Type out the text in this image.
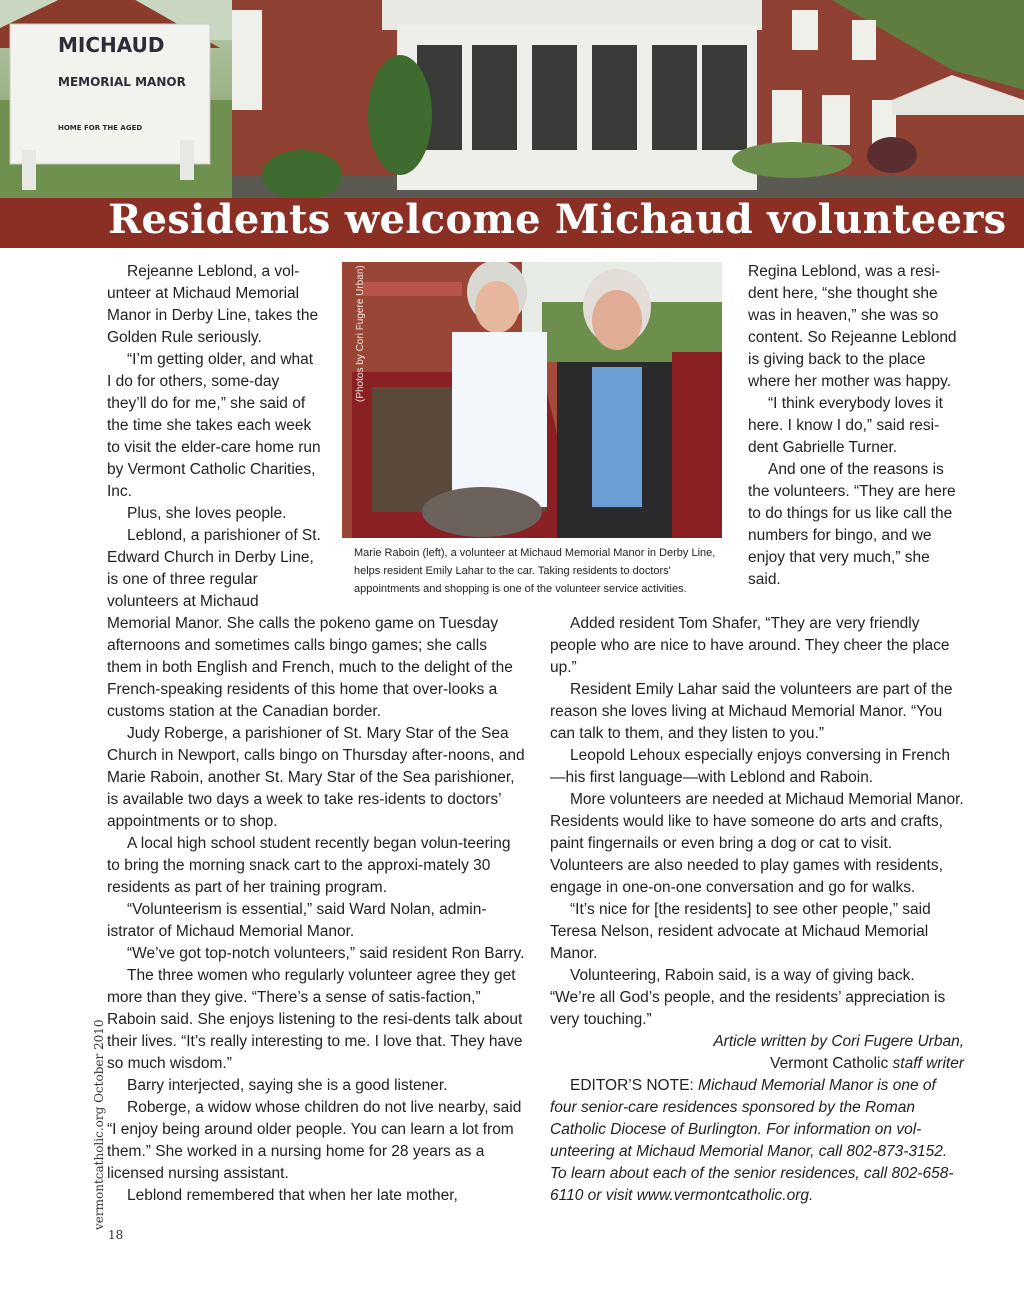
MICHAUD
MEMORIAL MANOR
HOME FOR THE AGED
Residents welcome Michaud volunteers
(Photos by Cori Fugere Urban)
Marie Raboin (left), a volunteer at Michaud Memorial Manor in Derby Line, helps resident Emily Lahar to the car. Taking residents to doctors' appointments and shopping is one of the volunteer service activities.

Rejeanne Leblond, a vol-unteer at Michaud Memorial Manor in Derby Line, takes the Golden Rule seriously.

“I’m getting older, and what I do for others, some-day they’ll do for me,” she said of the time she takes each week to visit the elder-care home run by Vermont Catholic Charities, Inc.

Plus, she loves people.

Leblond, a parishioner of St. Edward Church in Derby Line, is one of three regular volunteers at Michaud

Memorial Manor. She calls the pokeno game on Tuesday afternoons and sometimes calls bingo games; she calls them in both English and French, much to the delight of the French-speaking residents of this home that over-looks a customs station at the Canadian border.

Judy Roberge, a parishioner of St. Mary Star of the Sea Church in Newport, calls bingo on Thursday after-noons, and Marie Raboin, another St. Mary Star of the Sea parishioner, is available two days a week to take res-idents to doctors’ appointments or to shop.

A local high school student recently began volun-teering to bring the morning snack cart to the approxi-mately 30 residents as part of her training program.

“Volunteerism is essential,” said Ward Nolan, admin-istrator of Michaud Memorial Manor.

“We’ve got top-notch volunteers,” said resident Ron Barry.

The three women who regularly volunteer agree they get more than they give. “There’s a sense of satis-faction,” Raboin said. She enjoys listening to the resi-dents talk about their lives. “It’s really interesting to me. I love that. They have so much wisdom.”

Barry interjected, saying she is a good listener.

Roberge, a widow whose children do not live nearby, said “I enjoy being around older people. You can learn a lot from them.” She worked in a nursing home for 28 years as a licensed nursing assistant.

Leblond remembered that when her late mother,

Regina Leblond, was a resi-dent here, “she thought she was in heaven,” she was so content. So Rejeanne Leblond is giving back to the place where her mother was happy.

“I think everybody loves it here. I know I do,” said resi-dent Gabrielle Turner.

And one of the reasons is the volunteers. “They are here to do things for us like call the numbers for bingo, and we enjoy that very much,” she said.

Added resident Tom Shafer, “They are very friendly people who are nice to have around. They cheer the place up.”

Resident Emily Lahar said the volunteers are part of the reason she loves living at Michaud Memorial Manor. “You can talk to them, and they listen to you.”

Leopold Lehoux especially enjoys conversing in French—his first language—with Leblond and Raboin.

More volunteers are needed at Michaud Memorial Manor. Residents would like to have someone do arts and crafts, paint fingernails or even bring a dog or cat to visit. Volunteers are also needed to play games with residents, engage in one-on-one conversation and go for walks.

“It’s nice for [the residents] to see other people,” said Teresa Nelson, resident advocate at Michaud Memorial Manor.

Volunteering, Raboin said, is a way of giving back. “We’re all God’s people, and the residents’ appreciation is very touching.”

Article written by Cori Fugere Urban,

Vermont Catholic staff writer

EDITOR’S NOTE: Michaud Memorial Manor is one of four senior-care residences sponsored by the Roman Catholic Diocese of Burlington. For information on vol-unteering at Michaud Memorial Manor, call 802-873-3152. To learn about each of the senior residences, call 802-658-6110 or visit www.vermontcatholic.org.

vermontcatholic.org October 2010
18
